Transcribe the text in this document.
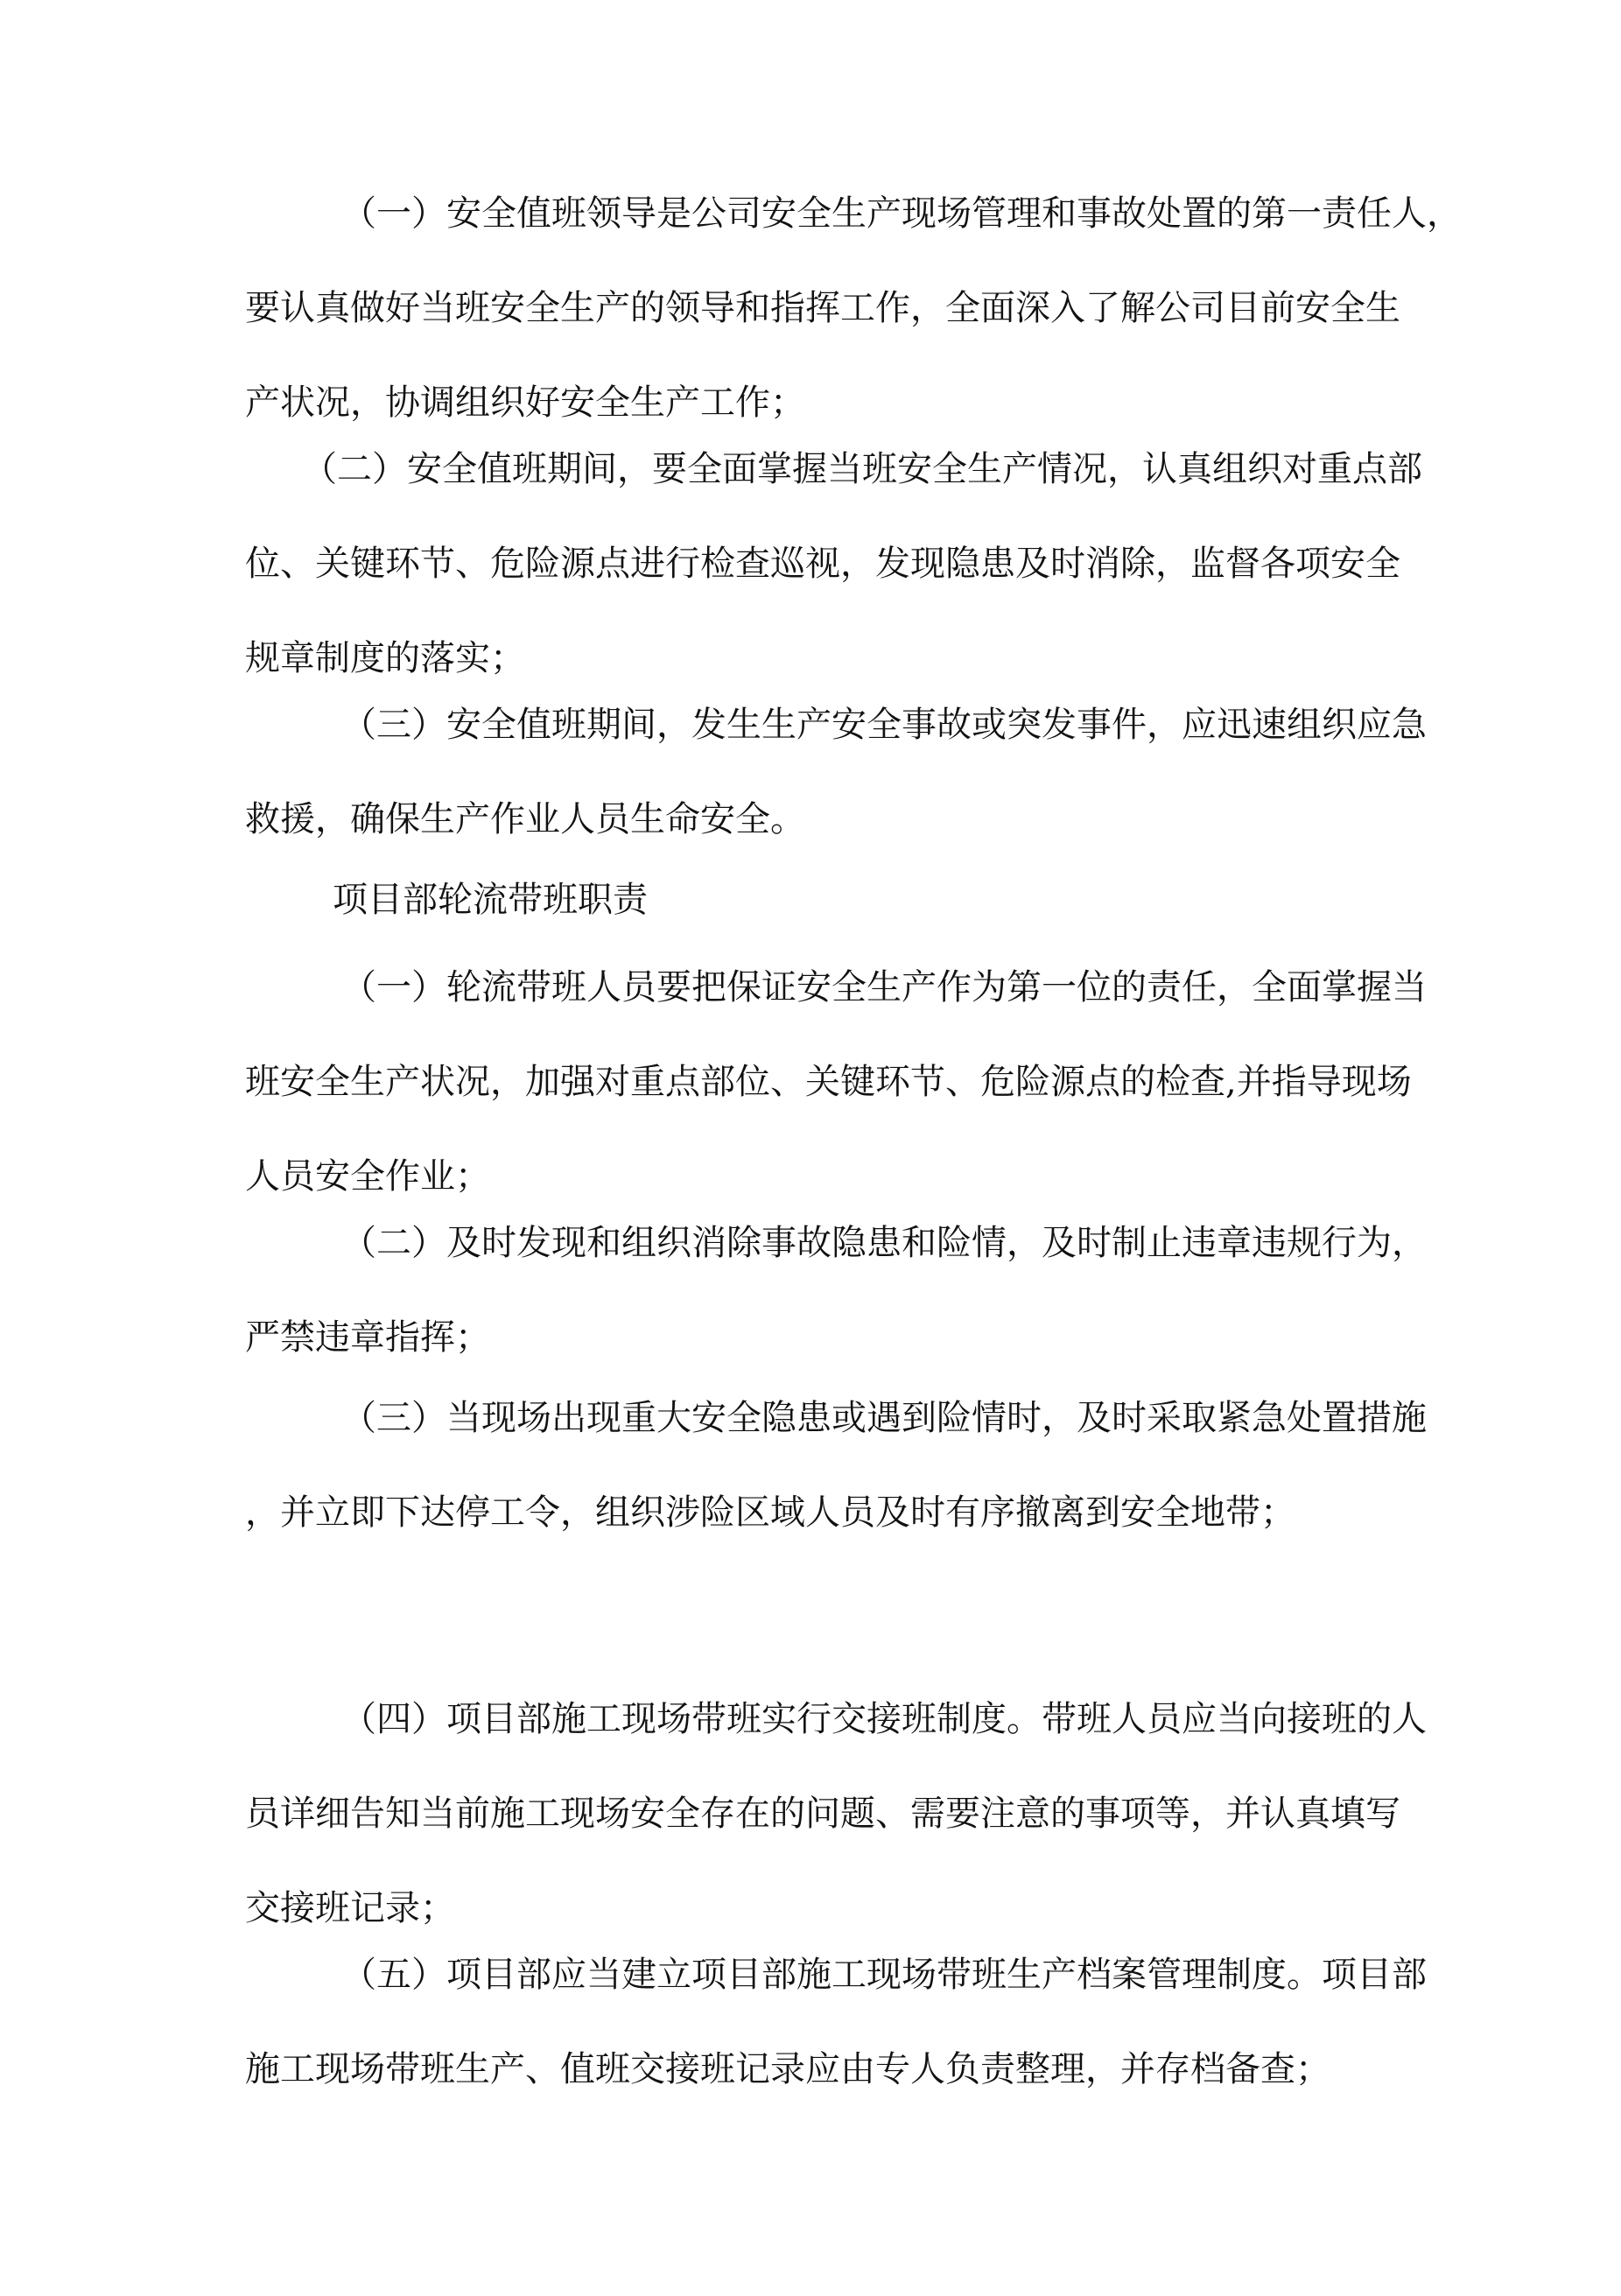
（一）安全值班领导是公司安全生产现场管理和事故处置的第一责任人，
要认真做好当班安全生产的领导和指挥工作，全面深入了解公司目前安全生
产状况，协调组织好安全生产工作；

（二）安全值班期间，要全面掌握当班安全生产情况，认真组织对重点部
位、关键环节、危险源点进行检查巡视，发现隐患及时消除，监督各项安全
规章制度的落实；

（三）安全值班期间，发生生产安全事故或突发事件，应迅速组织应急
救援，确保生产作业人员生命安全。

项目部轮流带班职责

（一）轮流带班人员要把保证安全生产作为第一位的责任，全面掌握当
班安全生产状况，加强对重点部位、关键环节、危险源点的检查,并指导现场
人员安全作业；

（二）及时发现和组织消除事故隐患和险情，及时制止违章违规行为，
严禁违章指挥；

（三）当现场出现重大安全隐患或遇到险情时，及时采取紧急处置措施
，并立即下达停工令，组织涉险区域人员及时有序撤离到安全地带；

（四）项目部施工现场带班实行交接班制度。带班人员应当向接班的人
员详细告知当前施工现场安全存在的问题、需要注意的事项等，并认真填写
交接班记录；

（五）项目部应当建立项目部施工现场带班生产档案管理制度。项目部
施工现场带班生产、值班交接班记录应由专人负责整理，并存档备查；
